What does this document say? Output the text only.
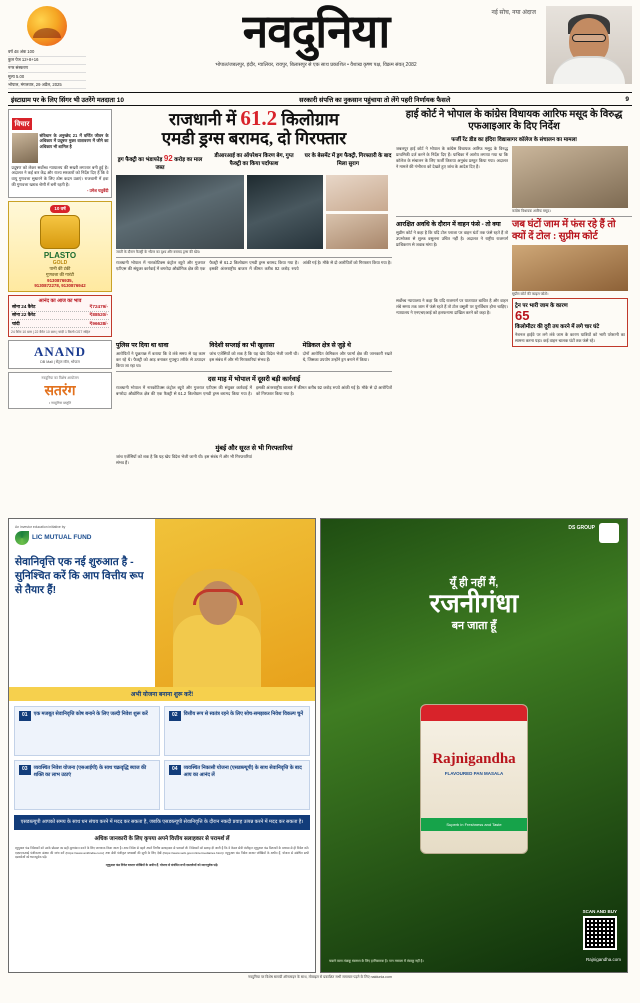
वर्ष 48 अंक 100
कुल पेज 12+8+16
नगर संस्करण
मूल्य 5.00
भोपाल, मंगलवार, 29 अप्रैल, 2025
नई सोच, नया अंदाज
नवदुनिया
भोपाल/जबलपुर, इंदौर, ग्वालियर, रायपुर, बिलासपुर से एक साथ प्रकाशित • वैशाख कृष्ण पक्ष, विक्रम संवत् 2082
इंस्टाग्राम पर के लिए सिंगर भी उतरेंगे मतदाता 10	सरकारी संपत्ति का नुकसान पहुंचाया तो लेंगे पहरी निर्णायक फैसले	9
विचार
संविधान के अनुच्छेद 21 में वर्णित जीवन के अधिकार में प्रदूषण मुक्त वातावरण में जीने का अधिकार भी शामिल है
प्रदूषण को लेकर सर्वोच्च न्यायालय की सख्ती लगातार बनी हुई है। अदालत ने कई बार केंद्र और राज्य सरकारों को निर्देश दिए हैं कि वे वायु गुणवत्ता सुधारने के लिए ठोस कदम उठाएं। राजधानी में हवा की गुणवत्ता खराब श्रेणी में बनी रहती है।
- उमेश चतुर्वेदी
10 वर्ष
PLASTO
GOLD
पानी की टंकी
गुणवत्ता की गारंटी
9130876935,
9130872278, 9130876942
आनंद का आज का भाव
सोना 24 कैरेट	₹72479/-
सोना 22 कैरेट	₹88520/-
चांदी	₹96628/-
24 कैरेट 10 ग्राम | 22 कैरेट 10 ग्राम | चांदी 1 किलो GST सहित
ANAND
DB Mall | सेंट्रल मॉल, भोपाल
नवदुनिया का विशेष आयोजन
सतरंग
• नवदुनिया प्रस्तुति
राजधानी में 61.2 किलोग्राम
एमडी ड्रग्स बरामद, दो गिरफ्तार
ड्रग फैक्ट्री का भंडाफोड़ 92 करोड़ का माल जब्त
डीआरआई का ऑपरेशन किरण बेग, गुप्त फैक्ट्री का किया पर्दाफाश
घर के बेसमेंट में ड्रग फैक्ट्री, गिरफ्तारी के बाद मिला सुराग
जब्ती के दौरान फैक्ट्री के भीतर का दृश्य और बरामद ड्रग्स की खेप।
राजधानी भोपाल में नारकोटिक्स कंट्रोल ब्यूरो और गुजरात एटीएस की संयुक्त कार्रवाई में बगरोदा औद्योगिक क्षेत्र की एक फैक्ट्री से 61.2 किलोग्राम एमडी ड्रग्स बरामद किया गया है। इसकी अंतरराष्ट्रीय बाजार में कीमत करीब 92 करोड़ रुपये आंकी गई है। मौके से दो आरोपितों को गिरफ्तार किया गया है।
पुलिस पर दिया था धावा
आरोपितों ने पूछताछ में बताया कि वे लंबे समय से यह काम कर रहे थे। फैक्ट्री को आड़ बनाकर गुपचुप तरीके से उत्पादन किया जा रहा था।
विदेशी सप्लाई का भी खुलासा
जांच एजेंसियों को शक है कि यह खेप विदेश भेजी जानी थी। इस संबंध में और भी गिरफ्तारियां संभव हैं।
मेडिकल क्षेत्र से जुड़े थे
दोनों आरोपित केमिकल और फार्मा क्षेत्र की जानकारी रखते थे, जिसका उपयोग उन्होंने ड्रग बनाने में किया।
दस माह में भोपाल में दूसरी बड़ी कार्रवाई
राजधानी भोपाल में नारकोटिक्स कंट्रोल ब्यूरो और गुजरात एटीएस की संयुक्त कार्रवाई में बगरोदा औद्योगिक क्षेत्र की एक फैक्ट्री से 61.2 किलोग्राम एमडी ड्रग्स बरामद किया गया है। इसकी अंतरराष्ट्रीय बाजार में कीमत करीब 92 करोड़ रुपये आंकी गई है। मौके से दो आरोपितों को गिरफ्तार किया गया है।
मुंबई और सूरत से भी गिरफ्तारियां
जांच एजेंसियों को शक है कि यह खेप विदेश भेजी जानी थी। इस संबंध में और भी गिरफ्तारियां संभव हैं।
हाई कोर्ट ने भोपाल के कांग्रेस विधायक आरिफ मसूद के विरुद्ध एफआइआर के दिए निर्देश
फर्जी रेंट डीड का इंदिरा विद्यासागर कॉलेज के संचालन का मामला
जबलपुर हाई कोर्ट ने भोपाल के कांग्रेस विधायक आरिफ मसूद के विरुद्ध प्राथमिकी दर्ज करने के निर्देश दिए हैं। याचिका में आरोप लगाया गया था कि कॉलेज के संचालन के लिए फर्जी किराया अनुबंध प्रस्तुत किया गया। अदालत ने मामले की गंभीरता को देखते हुए जांच के आदेश दिए हैं।
कांग्रेस विधायक आरिफ मसूद।
आरक्षित अवधि के दौरान में वाहन फंसे - तो क्या
सुप्रीम कोर्ट ने कहा है कि यदि टोल प्लाजा पर वाहन घंटों तक फंसे रहते हैं तो उपभोक्ता से शुल्क वसूलना उचित नहीं है। अदालत ने राष्ट्रीय राजमार्ग प्राधिकरण से जवाब मांगा है।
जब घंटों जाम में फंस रहे हैं तो क्यों दें टोल : सुप्रीम कोर्ट
सुप्रीम कोर्ट की फाइल फोटो।
सर्वोच्च न्यायालय ने कहा कि यदि राजमार्ग पर यातायात बाधित है और वाहन लंबे समय तक जाम में फंसे रहते हैं तो टोल वसूली पर पुनर्विचार होना चाहिए। न्यायालय ने एनएचएआई को हलफनामा दाखिल करने को कहा है।
ट्रेन पर भारी जाम के कारण
65
किलोमीटर की दूरी तय करने में लगे चार घंटे
नेशनल हाईवे पर लगे लंबे जाम के कारण यात्रियों को भारी परेशानी का सामना करना पड़ा। कई वाहन चालक घंटों तक फंसे रहे।
An investor education initiative by
LIC MUTUAL FUND
सेवानिवृत्ति एक नई शुरुआत है - सुनिश्चित करें कि आप वित्तीय रूप से तैयार हैं!
अभी योजना बनाना शुरू करें!
01	एक मजबूत सेवानिवृत्ति कोष बनाने के लिए जल्दी निवेश शुरू करें	02	वित्तीय रूप से स्वतंत्र रहने के लिए सोच-समझकर निवेश विकल्प चुनें
03	व्यवस्थित निवेश योजना (एसआईपी) के साथ चक्रवृद्धि ब्याज की शक्ति का लाभ उठाएं
04	व्यवस्थित निकासी योजना (एसडब्ल्यूपी) के साथ सेवानिवृत्ति के बाद आय का आनंद लें
एसडब्ल्यूपी आपको समय के साथ धन संचय करने में मदद कर सकता है, जबकि एसडब्ल्यूपी सेवानिवृत्ति के दौरान नकदी प्रवाह उत्पन्न करने में मदद कर सकता है।
अधिक जानकारी के लिए कृपया अपने वित्तीय सलाहकार से परामर्श लें
म्यूचुअल फंड निवेशकों को उनके प्रोडक्ट का सही मूल्यांकन करने के लिए जागरूक किया जाता है। आप निवेश से पहले अपने वित्तीय सलाहकार से परामर्श लें। निवेशकों को सलाह दी जाती है कि वे केवल सेबी पंजीकृत म्यूचुअल फंड वितरकों के माध्यम से ही निवेश करें। एएमएफआई पंजीकरण संख्या की जांच करें (https://www.amfiindia.com/) तथा सेबी पंजीकृत मध्यस्थों की सूची के लिए देखें (https://www.sebi.gov.in/intermediaries.html)। म्यूचुअल फंड निवेश बाजार जोखिमों के अधीन हैं, योजना से संबंधित सभी दस्तावेजों को ध्यानपूर्वक पढ़ें।
म्यूचुअल फंड निवेश बाजार जोखिमों के अधीन हैं, योजना से संबंधित सभी दस्तावेजों को ध्यानपूर्वक पढ़ें।
DS GROUP
यूँ ही नहीं मैं,
रजनीगंधा
बन जाता हूँ
Rajnigandha
FLAVOURED PAN MASALA
Superb in Freshness and Taste
SCAN AND BUY
Rajnigandha.com
चबाने वाला तंबाकू स्वास्थ्य के लिए हानिकारक है। पान मसाला में तंबाकू नहीं है।
नवदुनिया पर विशेष सामग्री ऑनलाइन के साथ, मोबाइल से प्रकाशित सभी समाचार पढ़ने के लिए naidunia.com
